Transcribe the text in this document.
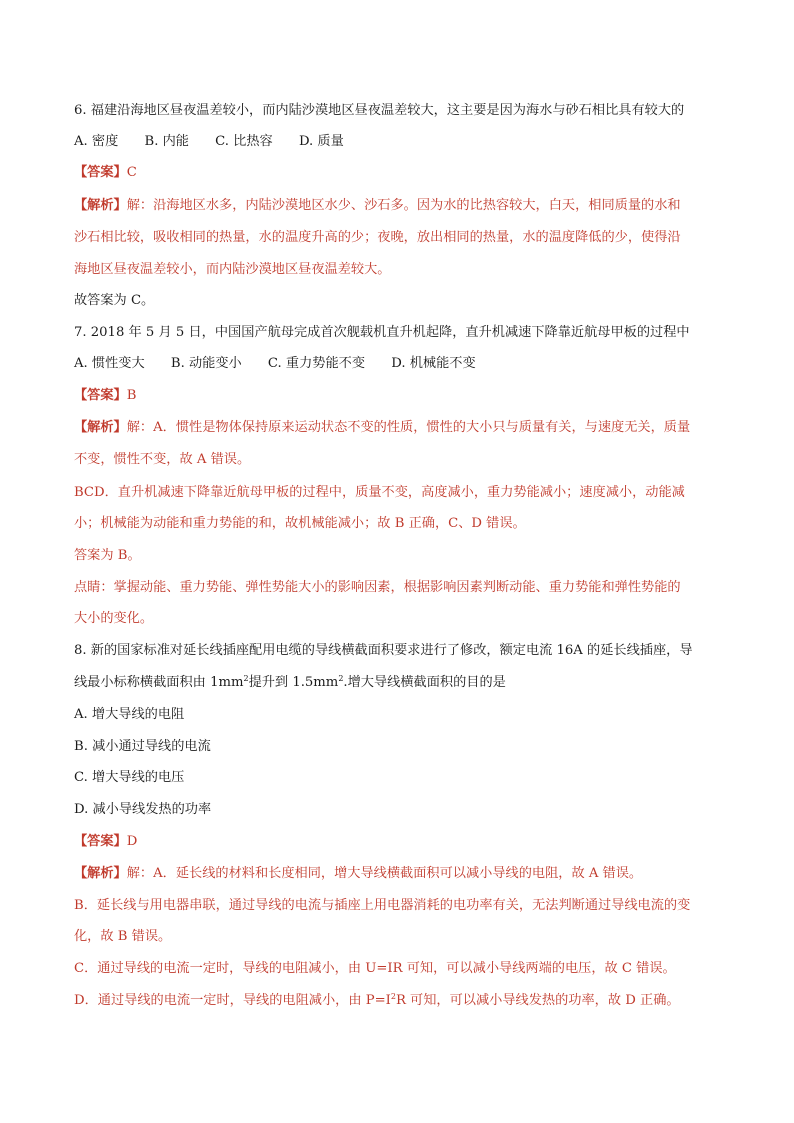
6. 福建沿海地区昼夜温差较小，而内陆沙漠地区昼夜温差较大，这主要是因为海水与砂石相比具有较大的
A. 密度 B. 内能 C. 比热容 D. 质量
【答案】C
【解析】解：沿海地区水多，内陆沙漠地区水少、沙石多。因为水的比热容较大，白天，相同质量的水和
沙石相比较，吸收相同的热量，水的温度升高的少；夜晚，放出相同的热量，水的温度降低的少，使得沿
海地区昼夜温差较小，而内陆沙漠地区昼夜温差较大。
故答案为 C。
7. 2018 年 5 月 5 日，中国国产航母完成首次舰载机直升机起降，直升机减速下降靠近航母甲板的过程中
A. 惯性变大 B. 动能变小 C. 重力势能不变 D. 机械能不变
【答案】B
【解析】解：A．惯性是物体保持原来运动状态不变的性质，惯性的大小只与质量有关，与速度无关，质量
不变，惯性不变，故 A 错误。
BCD．直升机减速下降靠近航母甲板的过程中，质量不变，高度减小，重力势能减小；速度减小，动能减
小；机械能为动能和重力势能的和，故机械能减小；故 B 正确，C、D 错误。
答案为 B。
点睛：掌握动能、重力势能、弹性势能大小的影响因素，根据影响因素判断动能、重力势能和弹性势能的
大小的变化。
8. 新的国家标准对延长线插座配用电缆的导线横截面积要求进行了修改，额定电流 16A 的延长线插座，导
线最小标称横截面积由 $1mm^2$提升到 $1.5mm^2$.增大导线横截面积的目的是
A. 增大导线的电阻
B. 减小通过导线的电流
C. 增大导线的电压
D. 减小导线发热的功率
【答案】D
【解析】解：A．延长线的材料和长度相同，增大导线横截面积可以减小导线的电阻，故 A 错误。
B．延长线与用电器串联，通过导线的电流与插座上用电器消耗的电功率有关，无法判断通过导线电流的变
化，故 B 错误。
C．通过导线的电流一定时，导线的电阻减小，由 U=IR 可知，可以减小导线两端的电压，故 C 错误。
D．通过导线的电流一定时，导线的电阻减小，由 $P=I^2R$ 可知，可以减小导线发热的功率，故 D 正确。
